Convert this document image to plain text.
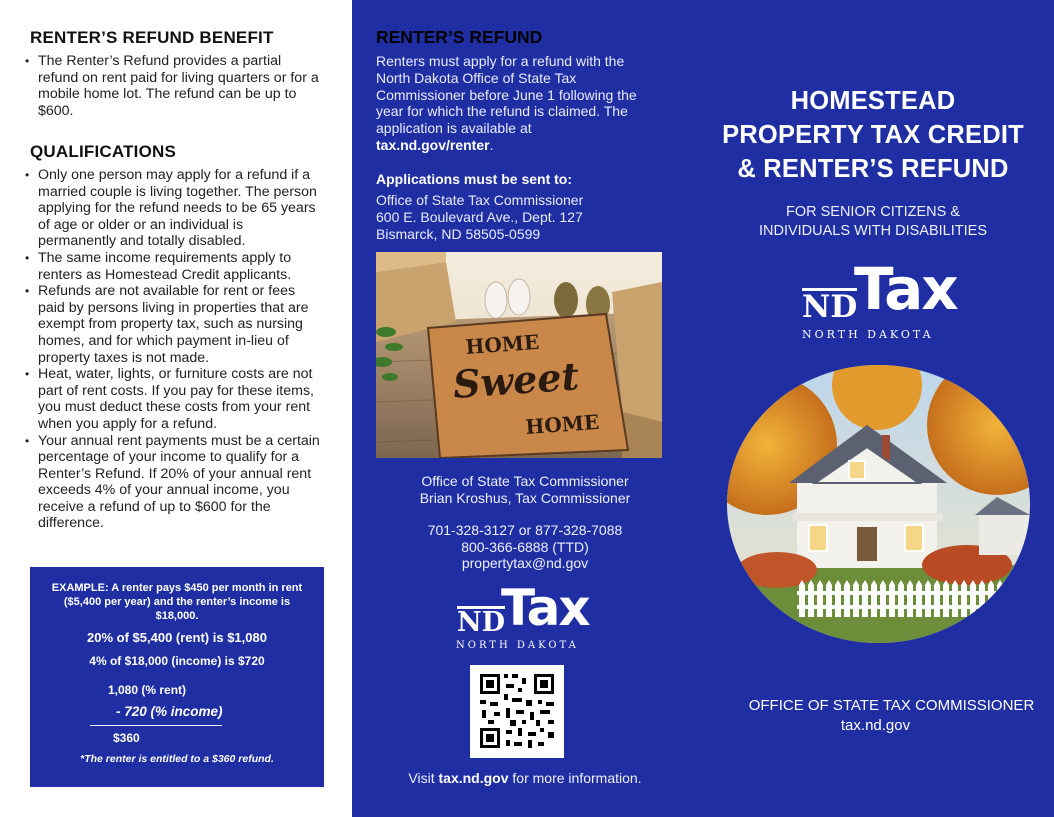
RENTER’S REFUND BENEFIT
• The Renter’s Refund provides a partial refund on rent paid for living quarters or for a mobile home lot. The refund can be up to $600.
QUALIFICATIONS
• Only one person may apply for a refund if a married couple is living together. The person applying for the refund needs to be 65 years of age or older or an individual is permanently and totally disabled.
• The same income requirements apply to renters as Homestead Credit applicants.
• Refunds are not available for rent or fees paid by persons living in properties that are exempt from property tax, such as nursing homes, and for which payment in-lieu of property taxes is not made.
• Heat, water, lights, or furniture costs are not part of rent costs. If you pay for these items, you must deduct these costs from your rent when you apply for a refund.
• Your annual rent payments must be a certain percentage of your income to qualify for a Renter’s Refund. If 20% of your annual rent exceeds 4% of your annual income, you receive a refund of up to $600 for the difference.
EXAMPLE: A renter pays $450 per month in rent ($5,400 per year) and the renter’s income is $18,000.
20% of $5,400 (rent) is $1,080
4% of $18,000 (income) is $720
1,080 (% rent)
- 720 (% income)
$360
*The renter is entitled to a $360 refund.
RENTER’S REFUND
Renters must apply for a refund with the North Dakota Office of State Tax Commissioner before June 1 following the year for which the refund is claimed. The application is available at tax.nd.gov/renter.
Applications must be sent to:
Office of State Tax Commissioner
600 E. Boulevard Ave., Dept. 127
Bismarck, ND 58505-0599
HOME
Sweet
HOME
Office of State Tax Commissioner
Brian Kroshus, Tax Commissioner
701-328-3127 or 877-328-7088
800-366-6888 (TTD)
propertytax@nd.gov
ND
Tax
NORTH DAKOTA
Visit tax.nd.gov for more information.
HOMESTEAD
PROPERTY TAX CREDIT
& RENTER’S REFUND
FOR SENIOR CITIZENS &
INDIVIDUALS WITH DISABILITIES
ND
Tax
NORTH DAKOTA
OFFICE OF STATE TAX COMMISSIONER
tax.nd.gov
